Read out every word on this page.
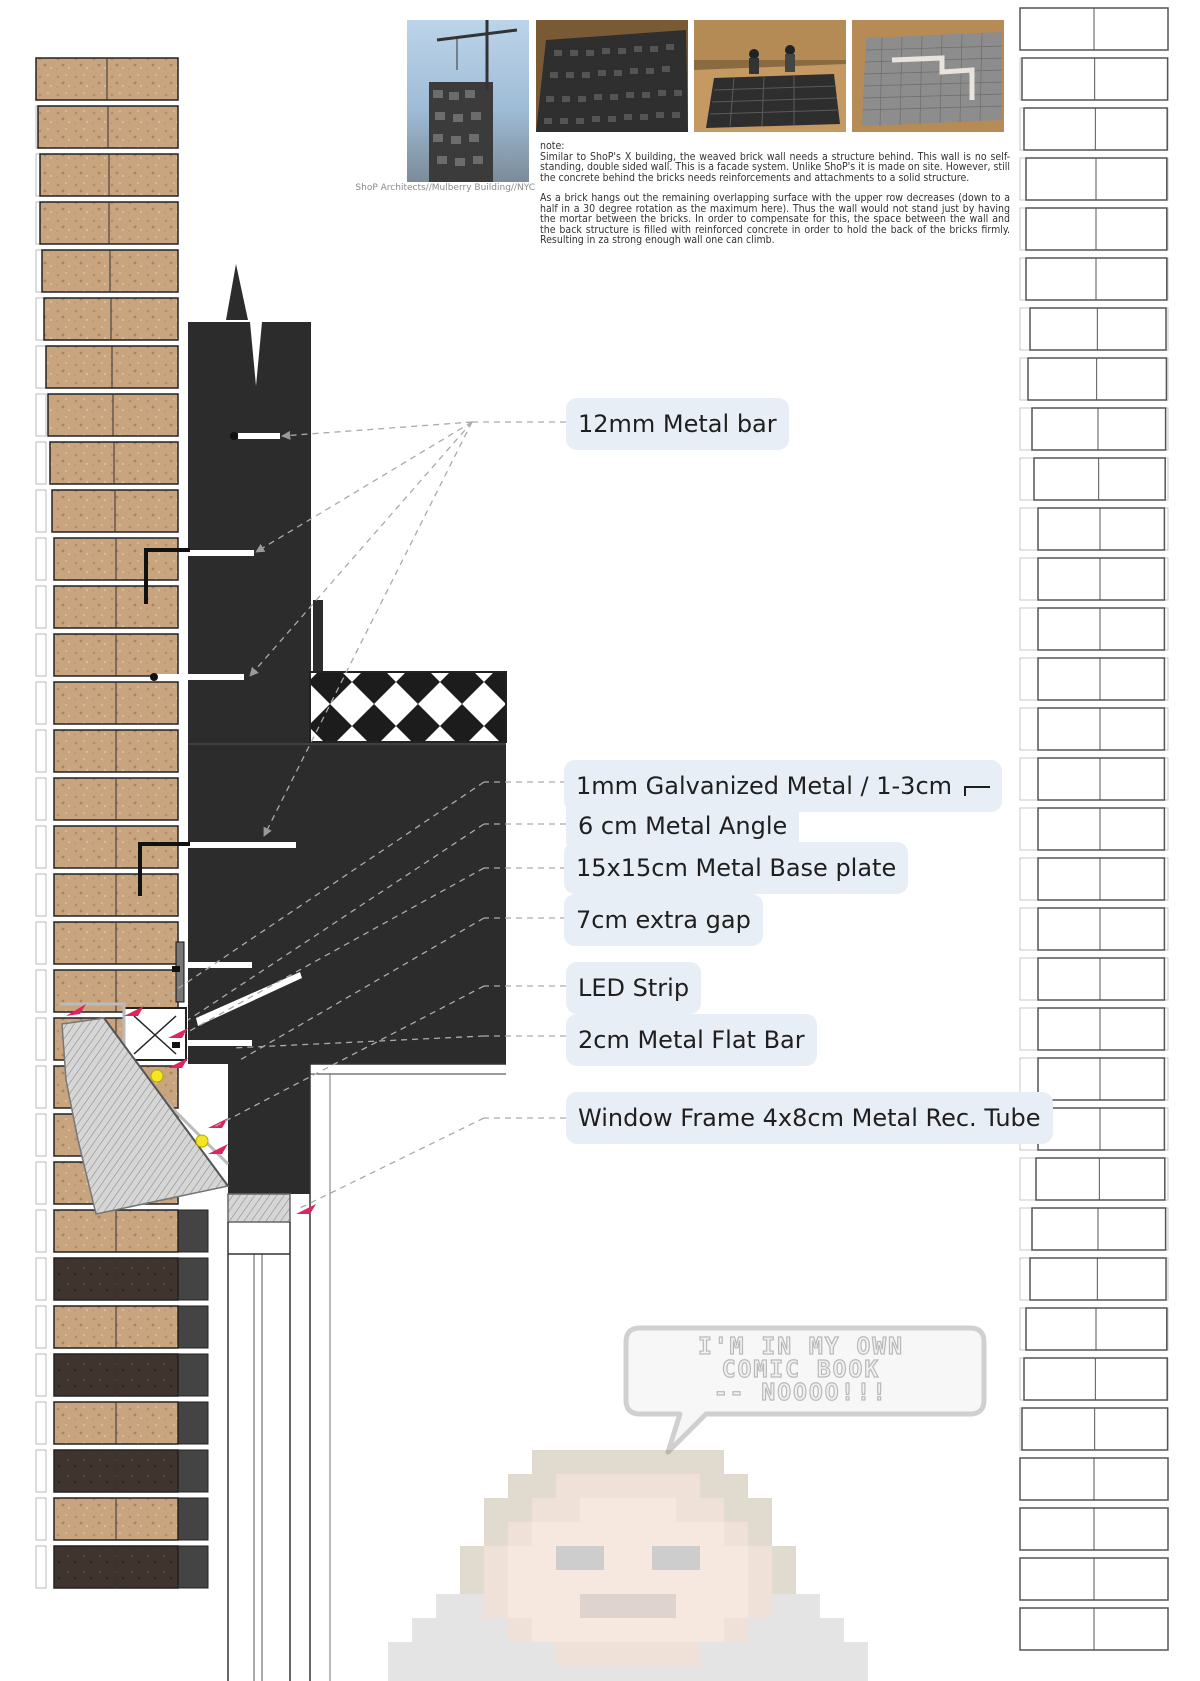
ShoP Architects//Mulberry Building//NYC
note:

Similar to ShoP's X building, the weaved brick wall needs a structure behind. This wall is no self-standing, double sided wall. This is a facade system. Unlike ShoP's it is made on site. However, still the concrete behind the bricks needs reinforcements and attachments to a solid structure.

As a brick hangs out the remaining overlapping surface with the upper row decreases (down to a half in a 30 degree rotation as the maximum here). Thus the wall would not stand just by having the mortar between the bricks. In order to compensate for this, the space between the wall and the back structure is filled with reinforced concrete in order to hold the back of the bricks firmly. Resulting in za strong enough wall one can climb.

12mm Metal bar
1mm Galvanized Metal / 1-3cm
6 cm Metal Angle
15x15cm Metal Base plate
7cm extra gap
LED Strip
2cm Metal Flat Bar
Window Frame 4x8cm Metal Rec. Tube
I'M IN MY OWN
COMIC BOOK
-- NOOOO!!!
